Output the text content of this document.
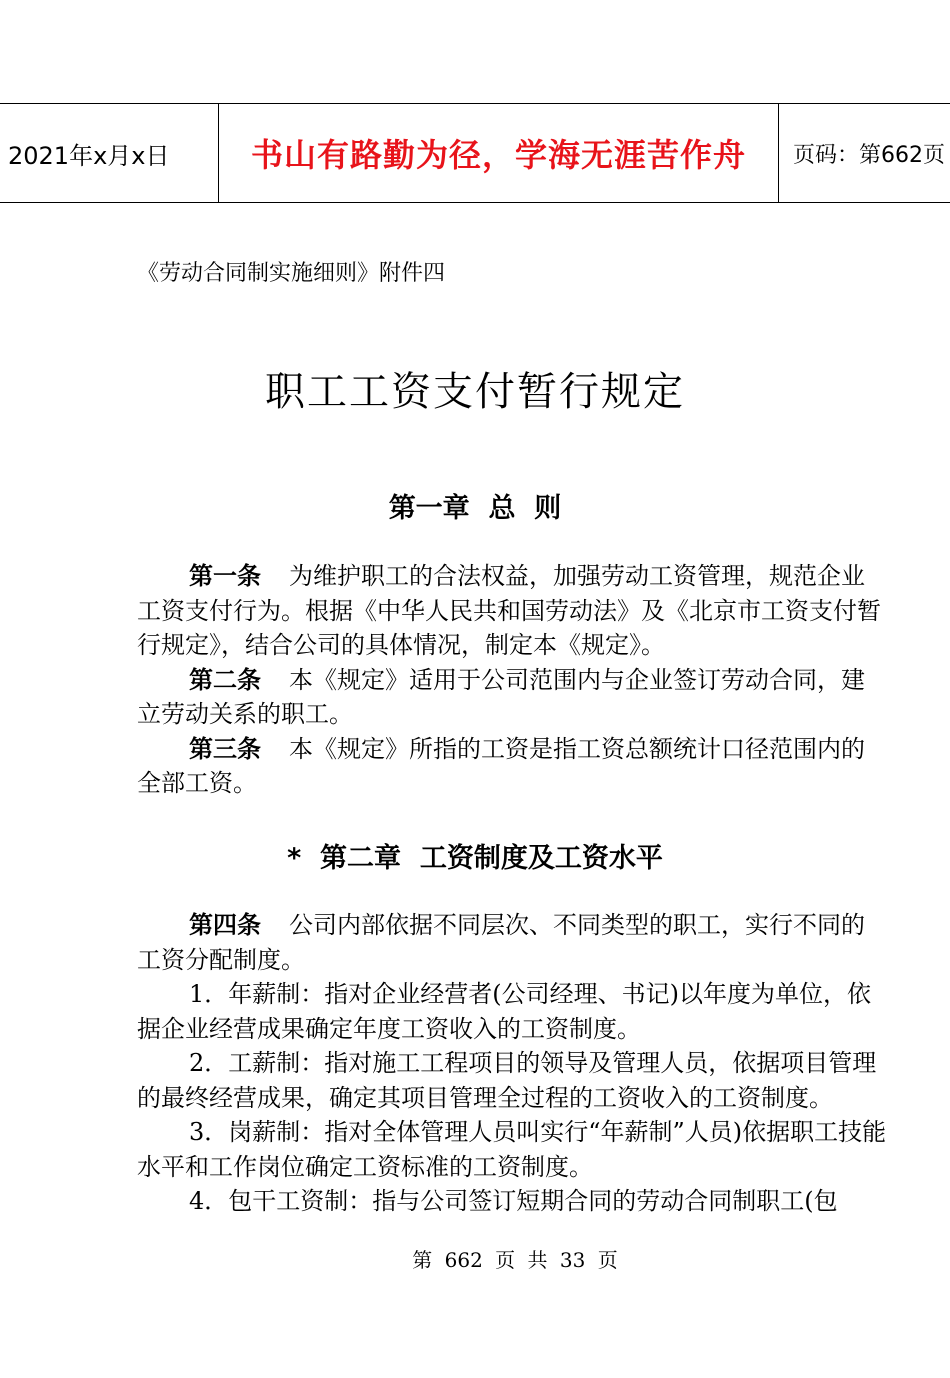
2021年x月x日	书山有路勤为径，学海无涯苦作舟	页码：第662页
《劳动合同制实施细则》附件四
职工工资支付暂行规定
第一章  总  则

第一条 为维护职工的合法权益，加强劳动工资管理，规范企业工资支付行为。根据《中华人民共和国劳动法》及《北京市工资支付暂行规定》，结合公司的具体情况，制定本《规定》。

第二条 本《规定》适用于公司范围内与企业签订劳动合同，建立劳动关系的职工。

第三条 本《规定》所指的工资是指工资总额统计口径范围内的全部工资。

*  第二章  工资制度及工资水平

第四条 公司内部依据不同层次、不同类型的职工，实行不同的工资分配制度。

1．年薪制：指对企业经营者(公司经理、书记)以年度为单位，依据企业经营成果确定年度工资收入的工资制度。

2．工薪制：指对施工工程项目的领导及管理人员，依据项目管理的最终经营成果，确定其项目管理全过程的工资收入的工资制度。

3．岗薪制：指对全体管理人员叫实行“年薪制”人员)依据职工技能水平和工作岗位确定工资标准的工资制度。

4．包干工资制：指与公司签订短期合同的劳动合同制职工(包

第 662 页 共 33 页
